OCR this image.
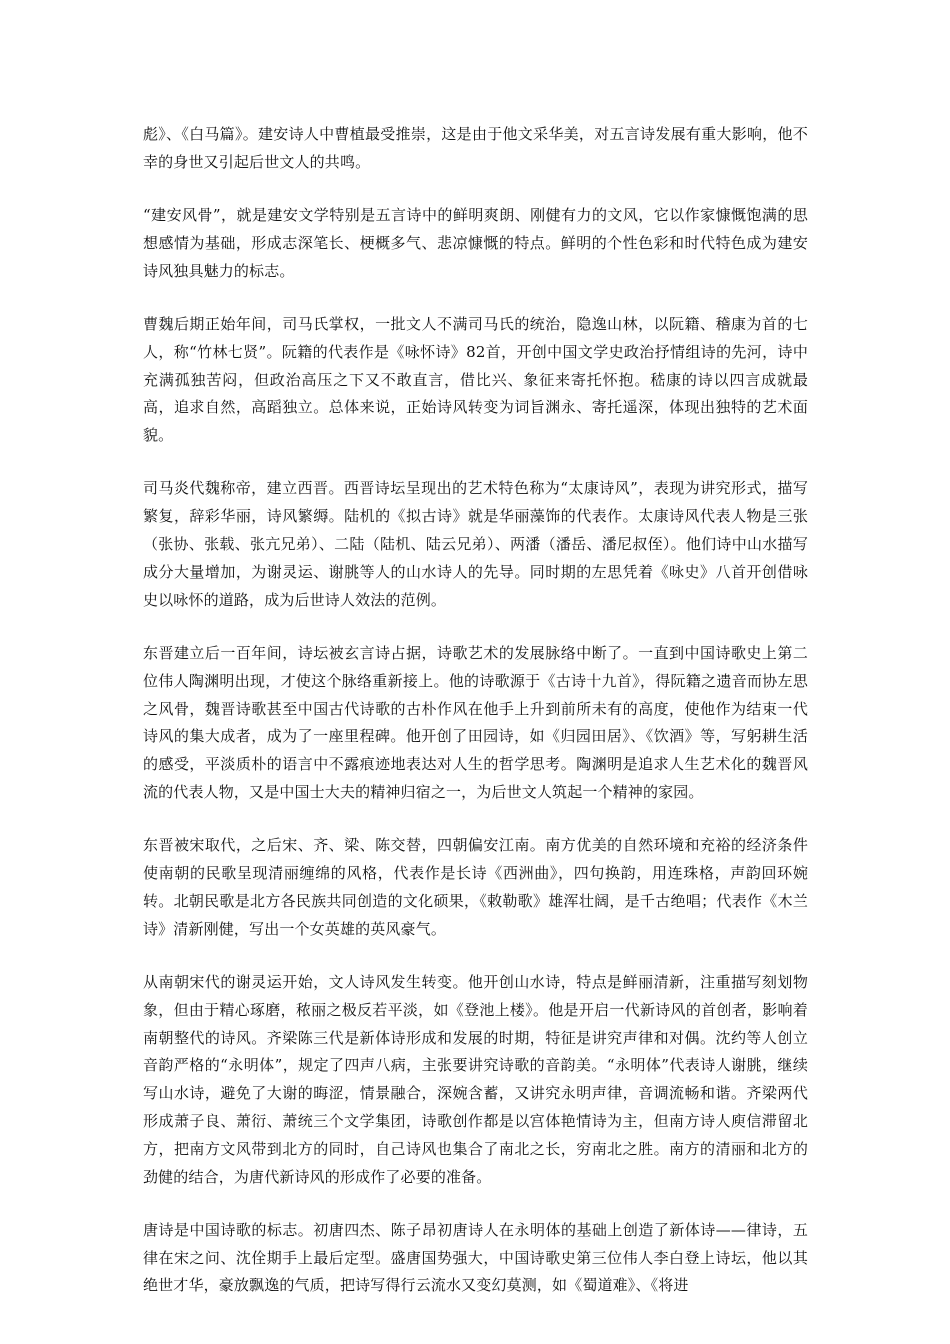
彪》、《白马篇》。建安诗人中曹植最受推崇，这是由于他文采华美，对五言诗发展有重大影响，他不幸的身世又引起后世文人的共鸣。

“建安风骨”，就是建安文学特别是五言诗中的鲜明爽朗、刚健有力的文风，它以作家慷慨饱满的思想感情为基础，形成志深笔长、梗概多气、悲凉慷慨的特点。鲜明的个性色彩和时代特色成为建安诗风独具魅力的标志。

曹魏后期正始年间，司马氏掌权，一批文人不满司马氏的统治，隐逸山林，以阮籍、稽康为首的七人，称“竹林七贤”。阮籍的代表作是《咏怀诗》82首，开创中国文学史政治抒情组诗的先河，诗中充满孤独苦闷，但政治高压之下又不敢直言，借比兴、象征来寄托怀抱。嵇康的诗以四言成就最高，追求自然，高蹈独立。总体来说，正始诗风转变为词旨渊永、寄托遥深，体现出独特的艺术面貌。

司马炎代魏称帝，建立西晋。西晋诗坛呈现出的艺术特色称为“太康诗风”，表现为讲究形式，描写繁复，辞彩华丽，诗风繁缛。陆机的《拟古诗》就是华丽藻饰的代表作。太康诗风代表人物是三张（张协、张载、张亢兄弟）、二陆（陆机、陆云兄弟）、两潘（潘岳、潘尼叔侄）。他们诗中山水描写成分大量增加，为谢灵运、谢朓等人的山水诗人的先导。同时期的左思凭着《咏史》八首开创借咏史以咏怀的道路，成为后世诗人效法的范例。

东晋建立后一百年间，诗坛被玄言诗占据，诗歌艺术的发展脉络中断了。一直到中国诗歌史上第二位伟人陶渊明出现，才使这个脉络重新接上。他的诗歌源于《古诗十九首》，得阮籍之遗音而协左思之风骨，魏晋诗歌甚至中国古代诗歌的古朴作风在他手上升到前所未有的高度，使他作为结束一代诗风的集大成者，成为了一座里程碑。他开创了田园诗，如《归园田居》、《饮酒》等，写躬耕生活的感受，平淡质朴的语言中不露痕迹地表达对人生的哲学思考。陶渊明是追求人生艺术化的魏晋风流的代表人物，又是中国士大夫的精神归宿之一，为后世文人筑起一个精神的家园。

东晋被宋取代，之后宋、齐、梁、陈交替，四朝偏安江南。南方优美的自然环境和充裕的经济条件使南朝的民歌呈现清丽缠绵的风格，代表作是长诗《西洲曲》，四句换韵，用连珠格，声韵回环婉转。北朝民歌是北方各民族共同创造的文化硕果，《敕勒歌》雄浑壮阔，是千古绝唱；代表作《木兰诗》清新刚健，写出一个女英雄的英风豪气。

从南朝宋代的谢灵运开始，文人诗风发生转变。他开创山水诗，特点是鲜丽清新，注重描写刻划物象，但由于精心琢磨，秾丽之极反若平淡，如《登池上楼》。他是开启一代新诗风的首创者，影响着南朝整代的诗风。齐梁陈三代是新体诗形成和发展的时期，特征是讲究声律和对偶。沈约等人创立音韵严格的“永明体”，规定了四声八病，主张要讲究诗歌的音韵美。“永明体”代表诗人谢朓，继续写山水诗，避免了大谢的晦涩，情景融合，深婉含蓄，又讲究永明声律，音调流畅和谐。齐梁两代形成萧子良、萧衍、萧统三个文学集团，诗歌创作都是以宫体艳情诗为主，但南方诗人庾信滞留北方，把南方文风带到北方的同时，自己诗风也集合了南北之长，穷南北之胜。南方的清丽和北方的劲健的结合，为唐代新诗风的形成作了必要的准备。

唐诗是中国诗歌的标志。初唐四杰、陈子昂初唐诗人在永明体的基础上创造了新体诗——律诗，五律在宋之问、沈佺期手上最后定型。盛唐国势强大，中国诗歌史第三位伟人李白登上诗坛，他以其绝世才华，豪放飘逸的气质，把诗写得行云流水又变幻莫测，如《蜀道难》、《将进
